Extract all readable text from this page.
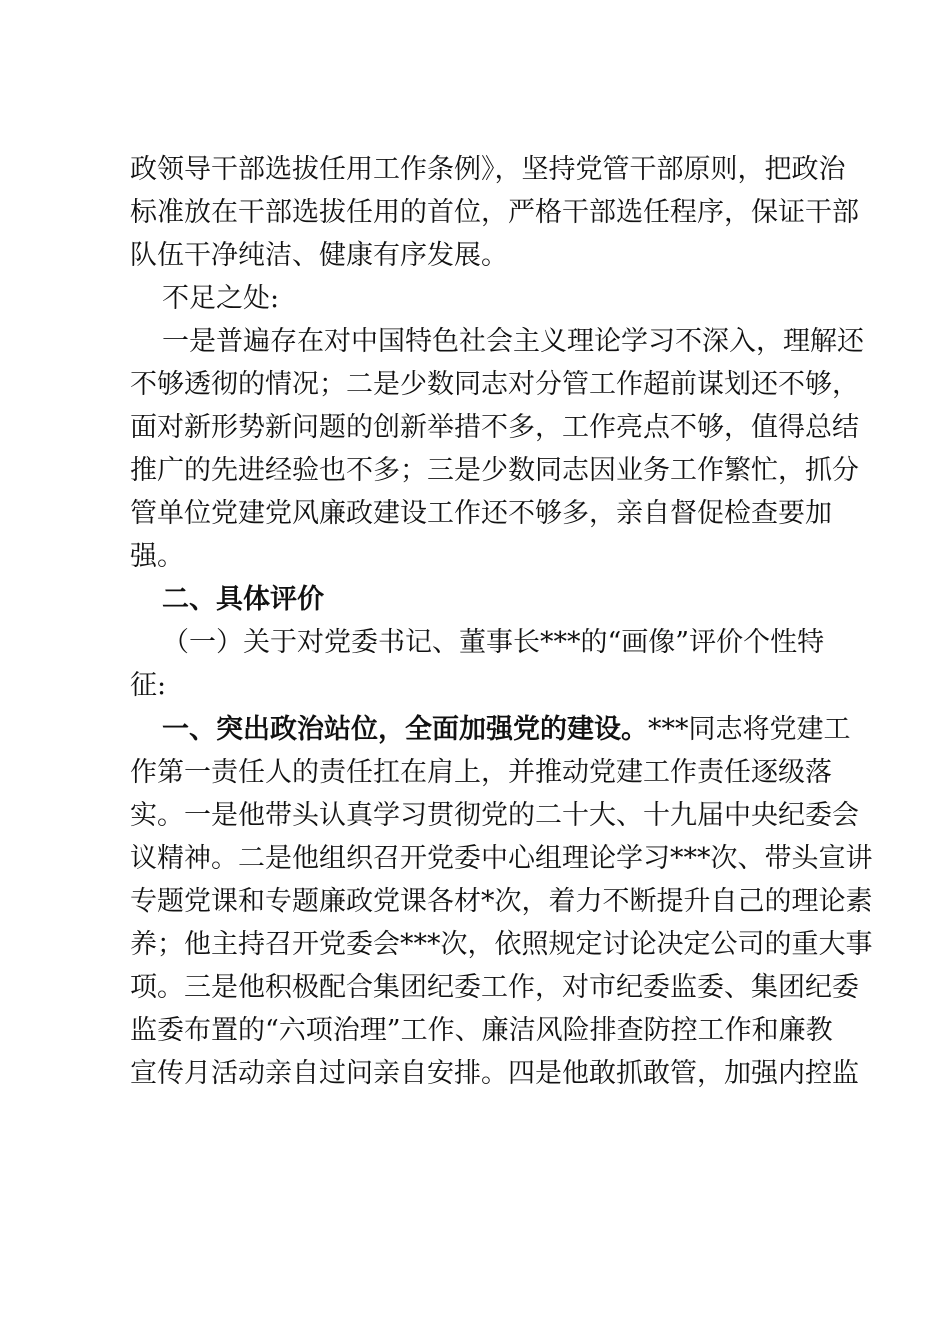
政领导干部选拔任用工作条例》，坚持党管干部原则，把政治
标准放在干部选拔任用的首位，严格干部选任程序，保证干部
队伍干净纯洁、健康有序发展。
不足之处:
一是普遍存在对中国特色社会主义理论学习不深入，理解还
不够透彻的情况；二是少数同志对分管工作超前谋划还不够，
面对新形势新问题的创新举措不多，工作亮点不够，值得总结
推广的先进经验也不多；三是少数同志因业务工作繁忙，抓分
管单位党建党风廉政建设工作还不够多，亲自督促检查要加
强。
二、具体评价
（一）关于对党委书记、董事长***的“画像”评价个性特
征:
一、突出政治站位，全面加强党的建设。***同志将党建工
作第一责任人的责任扛在肩上，并推动党建工作责任逐级落
实。一是他带头认真学习贯彻党的二十大、十九届中央纪委会
议精神。二是他组织召开党委中心组理论学习***次、带头宣讲
专题党课和专题廉政党课各材*次，着力不断提升自己的理论素
养；他主持召开党委会***次，依照规定讨论决定公司的重大事
项。三是他积极配合集团纪委工作，对市纪委监委、集团纪委
监委布置的“六项治理”工作、廉洁风险排查防控工作和廉教
宣传月活动亲自过问亲自安排。四是他敢抓敢管，加强内控监
